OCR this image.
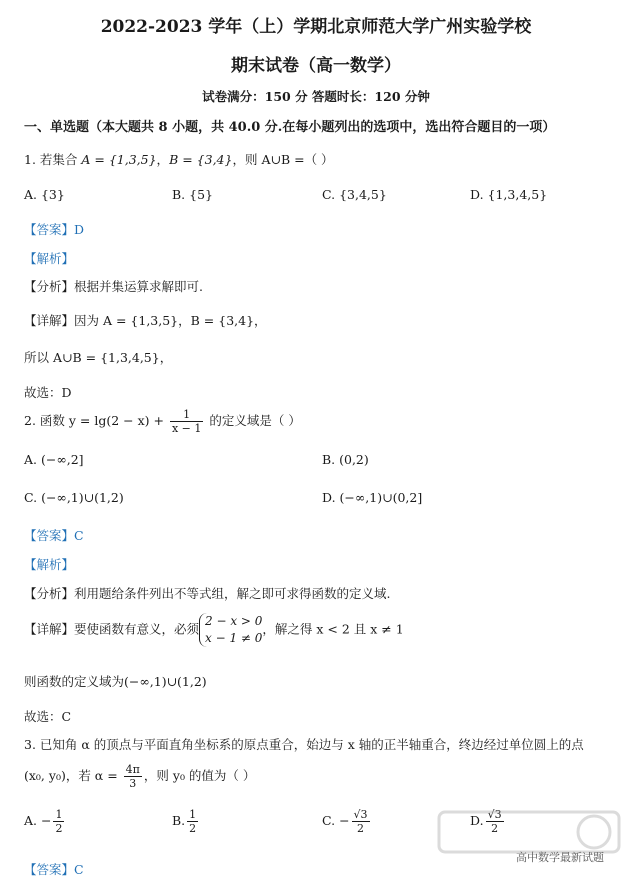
2022-2023 学年（上）学期北京师范大学广州实验学校
期末试卷（高一数学）
试卷满分：150 分 答题时长：120 分钟
一、单选题（本大题共 8 小题，共 40.0 分.在每小题列出的选项中，选出符合题目的一项）
1. 若集合 A = {1,3,5}，B = {3,4}，则 A∪B =（ ）
A. {3}	B. {5}	C. {3,4,5}	D. {1,3,4,5}
【答案】D
【解析】
【分析】根据并集运算求解即可.
【详解】因为 A = {1,3,5}，B = {3,4}，
所以 A∪B = {1,3,4,5}，
故选：D
2. 函数 $y = \lg(2 - x) + \frac{1}{x - 1}$ 的定义域是（ ）
A. (−∞,2]	B. (0,2)
C. (−∞,1)∪(1,2)	D. (−∞,1)∪(0,2]
【答案】C
【解析】
【分析】利用题给条件列出不等式组，解之即可求得函数的定义域.
【详解】要使函数有意义，必须
2 − x > 0
x − 1 ≠ 0
，解之得 x < 2 且 x ≠ 1
则函数的定义域为(−∞,1)∪(1,2)
故选：C
3. 已知角 α 的顶点与平面直角坐标系的原点重合，始边与 x 轴的正半轴重合，终边经过单位圆上的点
(x₀, y₀)，若 $\alpha = \frac{4\pi}{3}$ ，则 y₀ 的值为（ ）
A. − $\frac{1}{2}$	B. $\frac{1}{2}$	C. − $\frac{√3}{2}$	D. $\frac{√3}{2}$
【答案】C
高中数学最新试题
